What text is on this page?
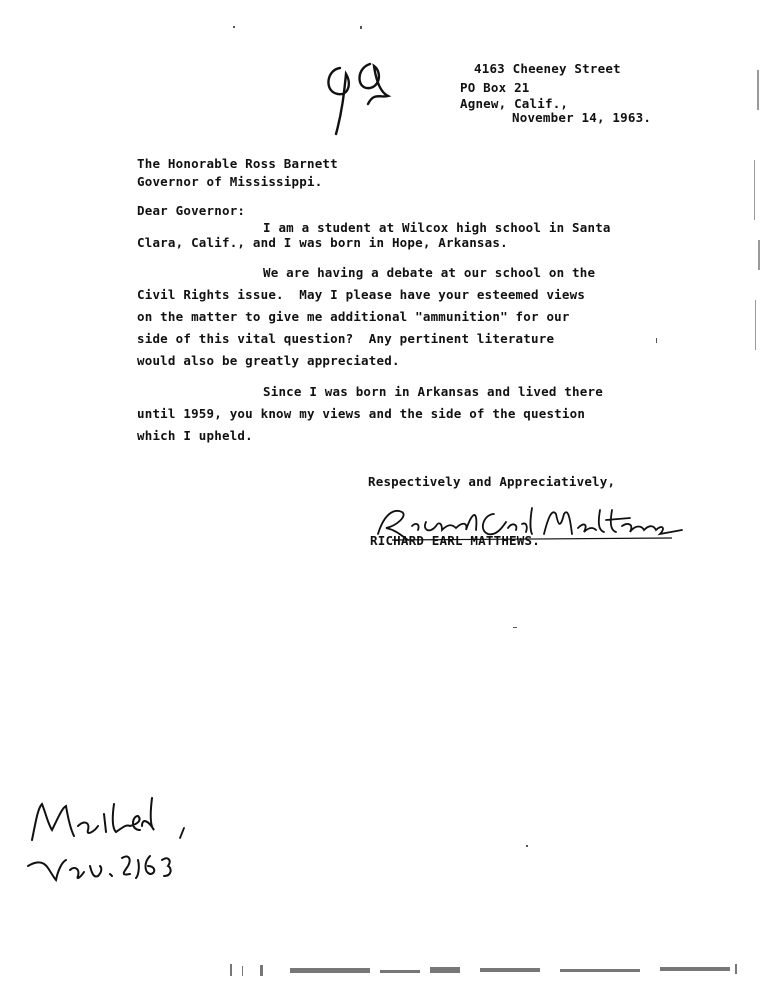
4163 Cheeney Street
PO Box 21
Agnew, Calif.,
November 14, 1963.
The Honorable Ross Barnett
Governor of Mississippi.
Dear Governor:
I am a student at Wilcox high school in Santa
Clara, Calif., and I was born in Hope, Arkansas.
We are having a debate at our school on the
Civil Rights issue.  May I please have your esteemed views
on the matter to give me additional "ammunition" for our
side of this vital question?  Any pertinent literature
would also be greatly appreciated.
Since I was born in Arkansas and lived there
until 1959, you know my views and the side of the question
which I upheld.
Respectively and Appreciatively,
RICHARD EARL MATTHEWS.
